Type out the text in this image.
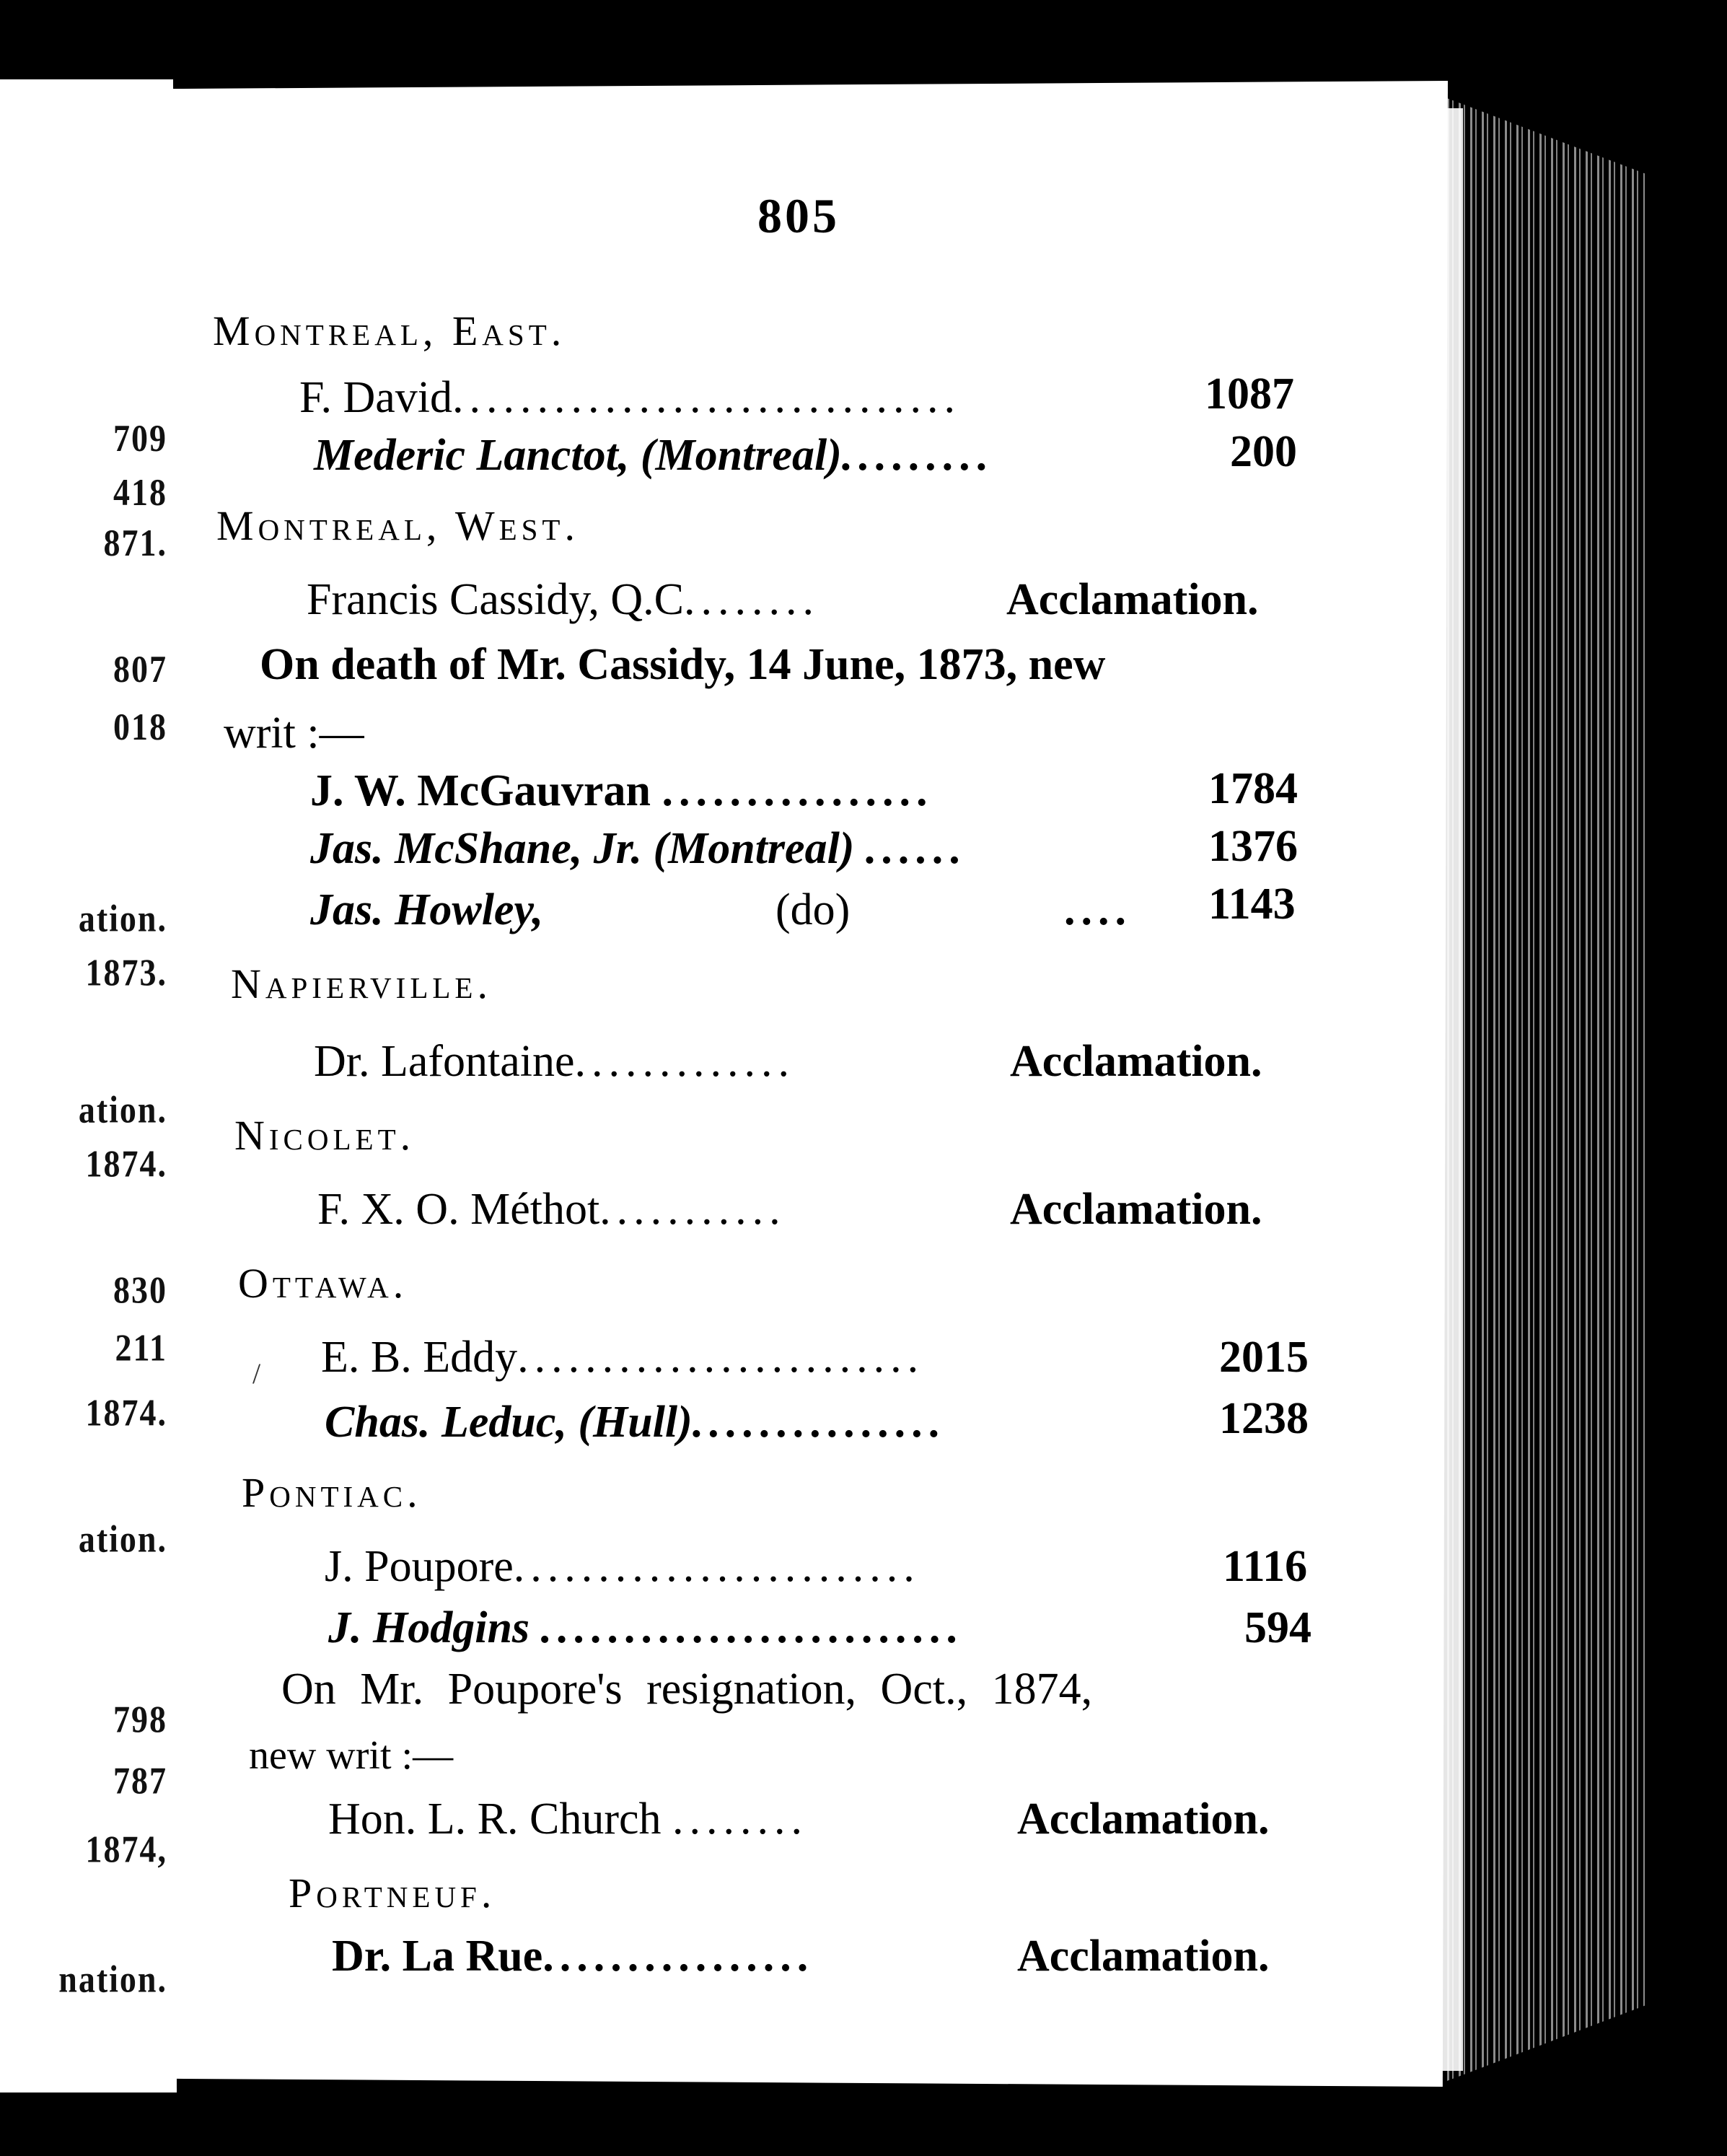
709
418
871.
807
018
ation.
1873.
ation.
1874.
830
211
1874.
ation.
798
787
1874,
nation.
805
Montreal, East.
F. David..............................	1087
Mederic Lanctot, (Montreal).........	200
Montreal, West.
Francis Cassidy, Q.C........	Acclamation.
On death of Mr. Cassidy, 14 June, 1873, new
writ :—
J. W. McGauvran ................	1784
Jas. McShane, Jr. (Montreal) ......	1376
Jas. Howley,	(do)	.... 1143
Napierville.
Dr. Lafontaine.............	Acclamation.
Nicolet.
F. X. O. Méthot...........	Acclamation.
Ottawa.
/ E. B. Eddy........................	2015
Chas. Leduc, (Hull)...............	1238
Pontiac.
J. Poupore........................	1116
J. Hodgins .........................	594
On Mr. Poupore's resignation, Oct., 1874,
new writ :—
Hon. L. R. Church ........	Acclamation.
Portneuf.
Dr. La Rue................	Acclamation.
